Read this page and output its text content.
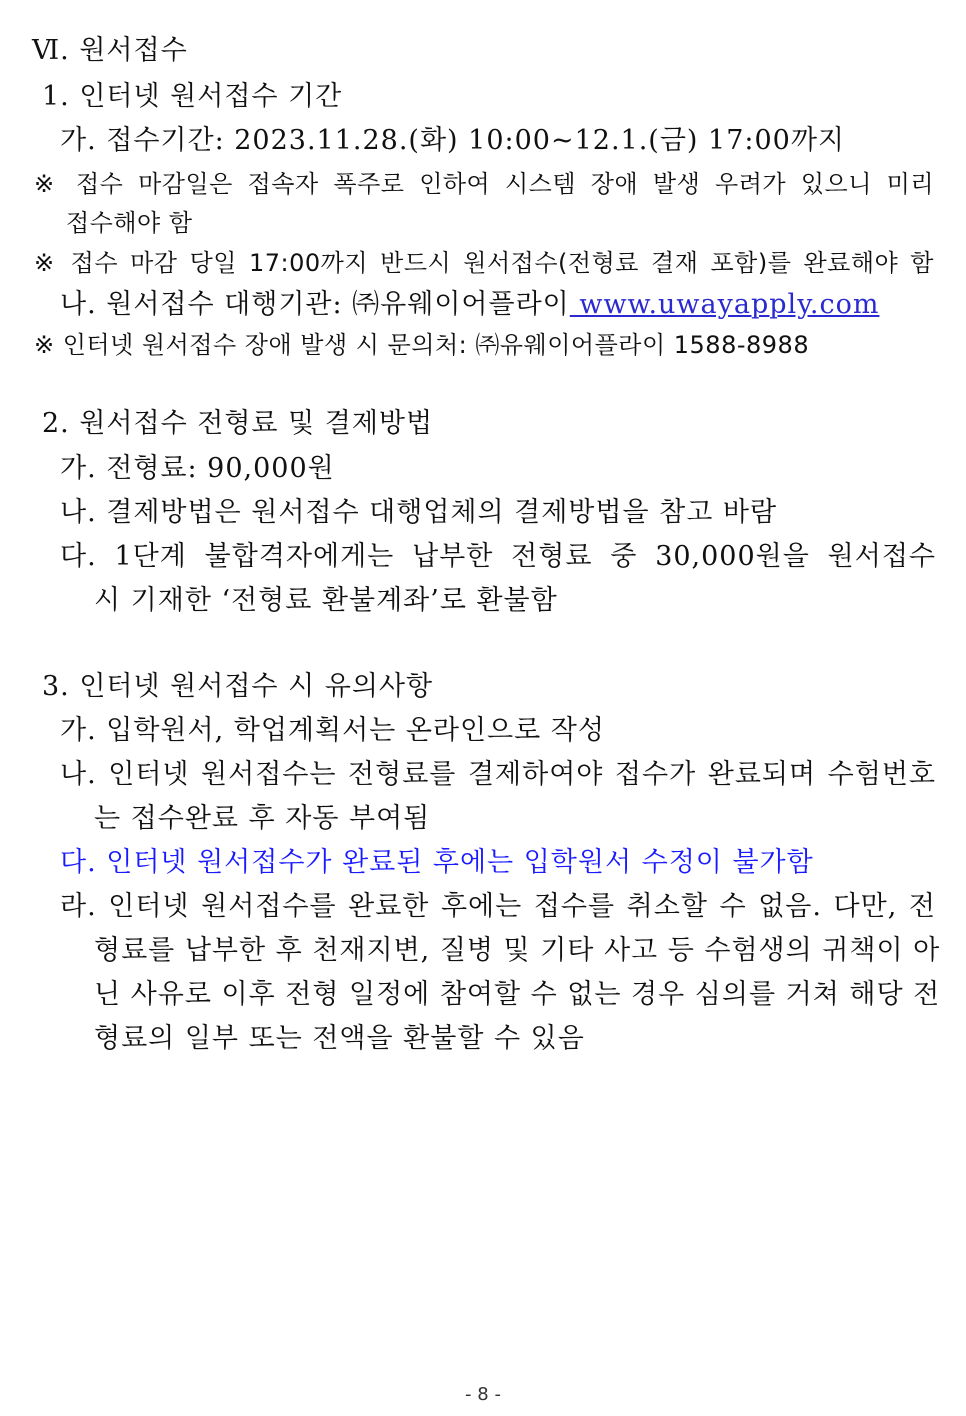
Ⅵ. 원서접수
1. 인터넷 원서접수 기간
가. 접수기간: 2023.11.28.(화) 10:00~12.1.(금) 17:00까지
※ 접수 마감일은 접속자 폭주로 인하여 시스템 장애 발생 우려가 있으니 미리
접수해야 함
※ 접수 마감 당일 17:00까지 반드시 원서접수(전형료 결재 포함)를 완료해야 함
나. 원서접수 대행기관: ㈜유웨이어플라이 www.uwayapply.com
※ 인터넷 원서접수 장애 발생 시 문의처: ㈜유웨이어플라이 1588-8988
2. 원서접수 전형료 및 결제방법
가. 전형료: 90,000원
나. 결제방법은 원서접수 대행업체의 결제방법을 참고 바람
다. 1단계 불합격자에게는 납부한 전형료 중 30,000원을 원서접수
시 기재한 ‘전형료 환불계좌’로 환불함
3. 인터넷 원서접수 시 유의사항
가. 입학원서, 학업계획서는 온라인으로 작성
나. 인터넷 원서접수는 전형료를 결제하여야 접수가 완료되며 수험번호
는 접수완료 후 자동 부여됨
다. 인터넷 원서접수가 완료된 후에는 입학원서 수정이 불가함
라. 인터넷 원서접수를 완료한 후에는 접수를 취소할 수 없음. 다만, 전
형료를 납부한 후 천재지변, 질병 및 기타 사고 등 수험생의 귀책이 아
닌 사유로 이후 전형 일정에 참여할 수 없는 경우 심의를 거쳐 해당 전
형료의 일부 또는 전액을 환불할 수 있음
- 8 -
